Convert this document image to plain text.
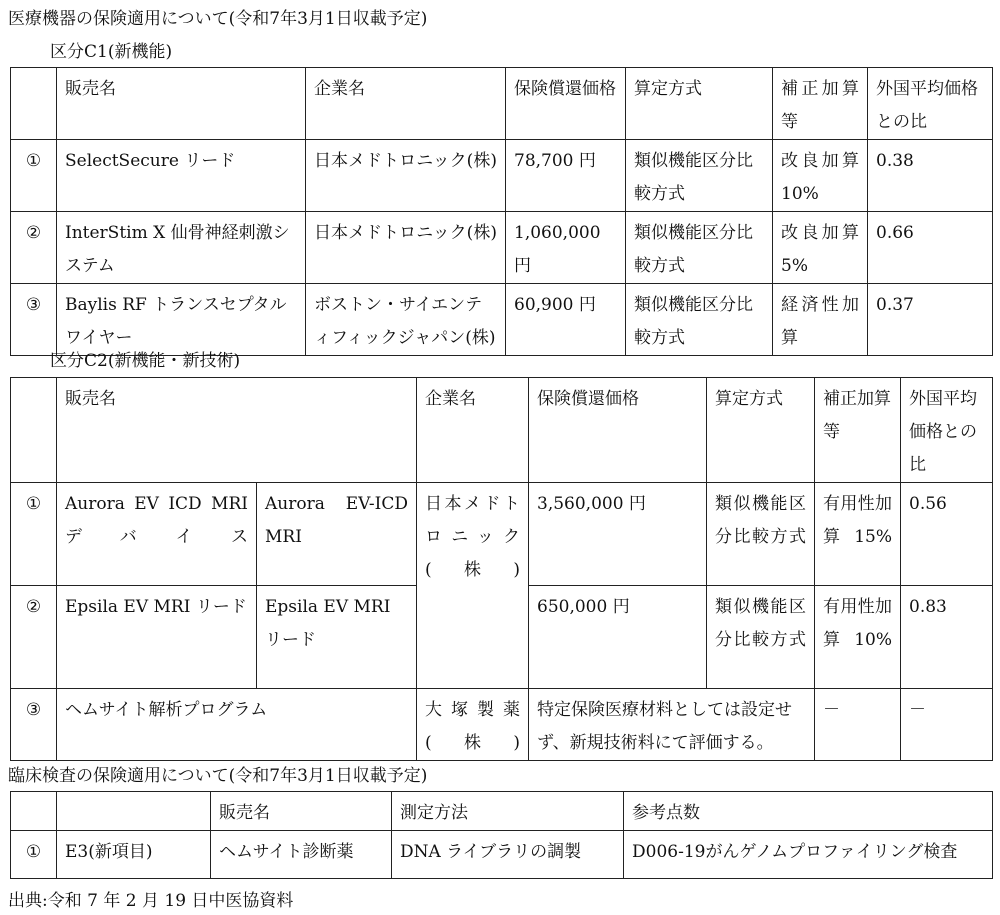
医療機器の保険適用について(令和7年3月1日収載予定)
区分C1(新機能)
	販売名	企業名	保険償還価格	算定方式	補正加算等	外国平均価格との比
①	SelectSecure リード	日本メドトロニック(株)	78,700 円	類似機能区分比較方式	改良加算 10%	0.38
②	InterStim X 仙骨神経刺激システム	日本メドトロニック(株)	1,060,000円	類似機能区分比較方式	改良加算5%	0.66
③	Baylis RF トランスセプタルワイヤー	ボストン・サイエンティフィックジャパン(株)	60,900 円	類似機能区分比較方式	経済性加算	0.37
区分C2(新機能・新技術)
	販売名		企業名	保険償還価格	算定方式	補正加算等	外国平均価格との比
①	Aurora EV ICD MRI デバイス	Aurora EV-ICD MRI	日本メドトロニック(株)	3,560,000 円	類似機能区分比較方式	有用性加算 15%	0.56
②	Epsila EV MRI リード	Epsila EV MRI リード		650,000 円	類似機能区分比較方式	有用性加算 10%	0.83
③	ヘムサイト解析プログラム		大塚製薬(株)	特定保険医療材料としては設定せず、新規技術料にて評価する。		－	－
臨床検査の保険適用について(令和7年3月1日収載予定)
		販売名	測定方法	参考点数
①	E3(新項目)	ヘムサイト診断薬	DNA ライブラリの調製	D006-19がんゲノムプロファイリング検査
出典:令和 7 年 2 月 19 日中医協資料
